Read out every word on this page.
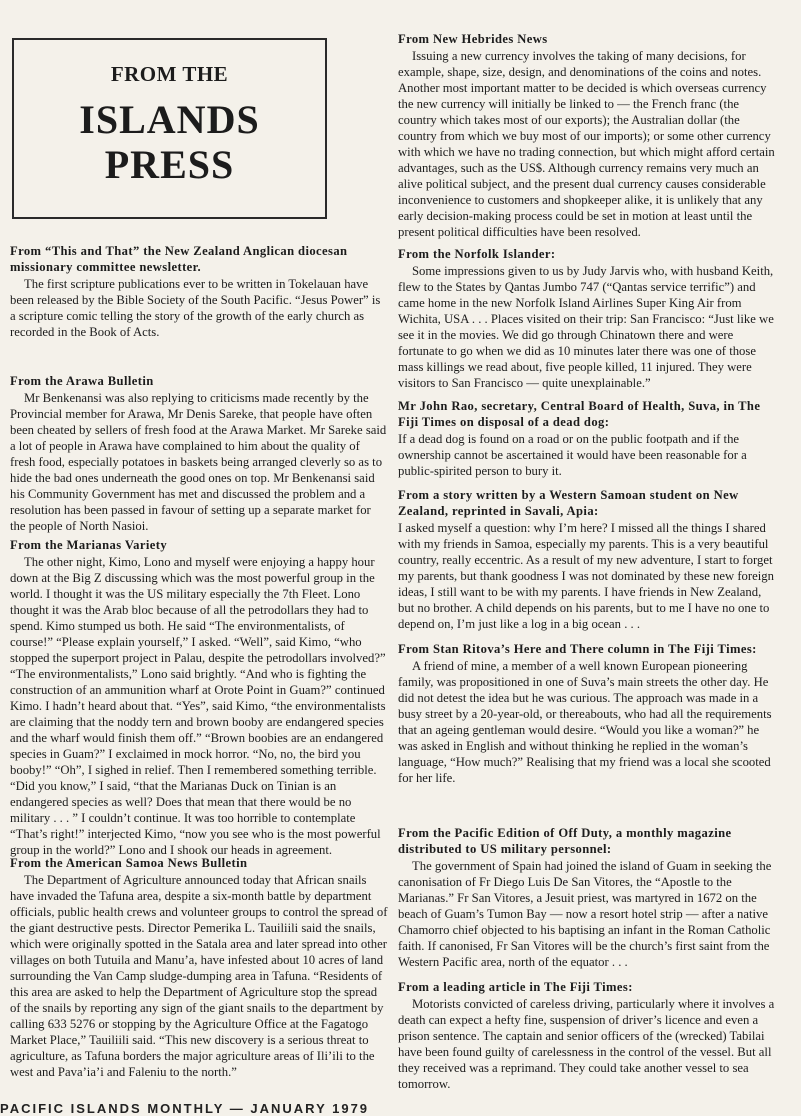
FROM THE
ISLANDS
PRESS

From “This and That” the New Zealand Anglican diocesan missionary committee newsletter.

The first scripture publications ever to be written in Tokelauan have been released by the Bible Society of the South Pacific. “Jesus Power” is a scripture comic telling the story of the growth of the early church as recorded in the Book of Acts.

From the Arawa Bulletin

Mr Benkenansi was also replying to criticisms made recently by the Provincial member for Arawa, Mr Denis Sareke, that people have often been cheated by sellers of fresh food at the Arawa Market. Mr Sareke said a lot of people in Arawa have complained to him about the quality of fresh food, especially potatoes in baskets being arranged cleverly so as to hide the bad ones underneath the good ones on top. Mr Benkenansi said his Community Government has met and discussed the problem and a resolution has been passed in favour of setting up a separate market for the people of North Nasioi.

From the Marianas Variety

The other night, Kimo, Lono and myself were enjoying a happy hour down at the Big Z discussing which was the most powerful group in the world. I thought it was the US military especially the 7th Fleet. Lono thought it was the Arab bloc because of all the petrodollars they had to spend. Kimo stumped us both. He said “The environmentalists, of course!” “Please explain yourself,” I asked. “Well”, said Kimo, “who stopped the superport project in Palau, despite the petrodollars involved?” “The environmentalists,” Lono said brightly. “And who is fighting the construction of an ammunition wharf at Orote Point in Guam?” continued Kimo. I hadn’t heard about that. “Yes”, said Kimo, “the environmentalists are claiming that the noddy tern and brown booby are endangered species and the wharf would finish them off.” “Brown boobies are an endangered species in Guam?” I exclaimed in mock horror. “No, no, the bird you booby!” “Oh”, I sighed in relief. Then I remembered something terrible. “Did you know,” I said, “that the Marianas Duck on Tinian is an endangered species as well? Does that mean that there would be no military . . . ” I couldn’t continue. It was too horrible to contemplate “That’s right!” interjected Kimo, “now you see who is the most powerful group in the world?” Lono and I shook our heads in agreement.

From the American Samoa News Bulletin

The Department of Agriculture announced today that African snails have invaded the Tafuna area, despite a six-month battle by department officials, public health crews and volunteer groups to control the spread of the giant destructive pests. Director Pemerika L. Tauiliili said the snails, which were originally spotted in the Satala area and later spread into other villages on both Tutuila and Manu’a, have infested about 10 acres of land surrounding the Van Camp sludge-dumping area in Tafuna. “Residents of this area are asked to help the Department of Agriculture stop the spread of the snails by reporting any sign of the giant snails to the department by calling 633 5276 or stopping by the Agriculture Office at the Fagatogo Market Place,” Tauiliili said. “This new discovery is a serious threat to agriculture, as Tafuna borders the major agriculture areas of Ili’ili to the west and Pava’ia’i and Faleniu to the north.”

From New Hebrides News

Issuing a new currency involves the taking of many decisions, for example, shape, size, design, and denominations of the coins and notes. Another most important matter to be decided is which overseas currency the new currency will initially be linked to — the French franc (the country which takes most of our exports); the Australian dollar (the country from which we buy most of our imports); or some other currency with which we have no trading connection, but which might afford certain advantages, such as the US$. Although currency remains very much an alive political subject, and the present dual currency causes considerable inconvenience to customers and shopkeeper alike, it is unlikely that any early decision-making process could be set in motion at least until the present political difficulties have been resolved.

From the Norfolk Islander:

Some impressions given to us by Judy Jarvis who, with husband Keith, flew to the States by Qantas Jumbo 747 (“Qantas service terrific”) and came home in the new Norfolk Island Airlines Super King Air from Wichita, USA . . . Places visited on their trip: San Francisco: “Just like we see it in the movies. We did go through Chinatown there and were fortunate to go when we did as 10 minutes later there was one of those mass killings we read about, five people killed, 11 injured. They were visitors to San Francisco — quite unexplainable.”

Mr John Rao, secretary, Central Board of Health, Suva, in The Fiji Times on disposal of a dead dog:

If a dead dog is found on a road or on the public footpath and if the ownership cannot be ascertained it would have been reasonable for a public-spirited person to bury it.

From a story written by a Western Samoan student on New Zealand, reprinted in Savali, Apia:

I asked myself a question: why I’m here? I missed all the things I shared with my friends in Samoa, especially my parents. This is a very beautiful country, really eccentric. As a result of my new adventure, I start to forget my parents, but thank goodness I was not dominated by these new foreign ideas, I still want to be with my parents. I have friends in New Zealand, but no brother. A child depends on his parents, but to me I have no one to depend on, I’m just like a log in a big ocean . . .

From Stan Ritova’s Here and There column in The Fiji Times:

A friend of mine, a member of a well known European pioneering family, was propositioned in one of Suva’s main streets the other day. He did not detest the idea but he was curious. The approach was made in a busy street by a 20-year-old, or thereabouts, who had all the requirements that an ageing gentleman would desire. “Would you like a woman?” he was asked in English and without thinking he replied in the woman’s language, “How much?” Realising that my friend was a local she scooted for her life.

From the Pacific Edition of Off Duty, a monthly magazine distributed to US military personnel:

The government of Spain had joined the island of Guam in seeking the canonisation of Fr Diego Luis De San Vitores, the “Apostle to the Marianas.” Fr San Vitores, a Jesuit priest, was martyred in 1672 on the beach of Guam’s Tumon Bay — now a resort hotel strip — after a native Chamorro chief objected to his baptising an infant in the Roman Catholic faith. If canonised, Fr San Vitores will be the church’s first saint from the Western Pacific area, north of the equator . . .

From a leading article in The Fiji Times:

Motorists convicted of careless driving, particularly where it involves a death can expect a hefty fine, suspension of driver’s licence and even a prison sentence. The captain and senior officers of the (wrecked) Tabilai have been found guilty of carelessness in the control of the vessel. But all they received was a reprimand. They could take another vessel to sea tomorrow.

PACIFIC ISLANDS MONTHLY — JANUARY 1979
